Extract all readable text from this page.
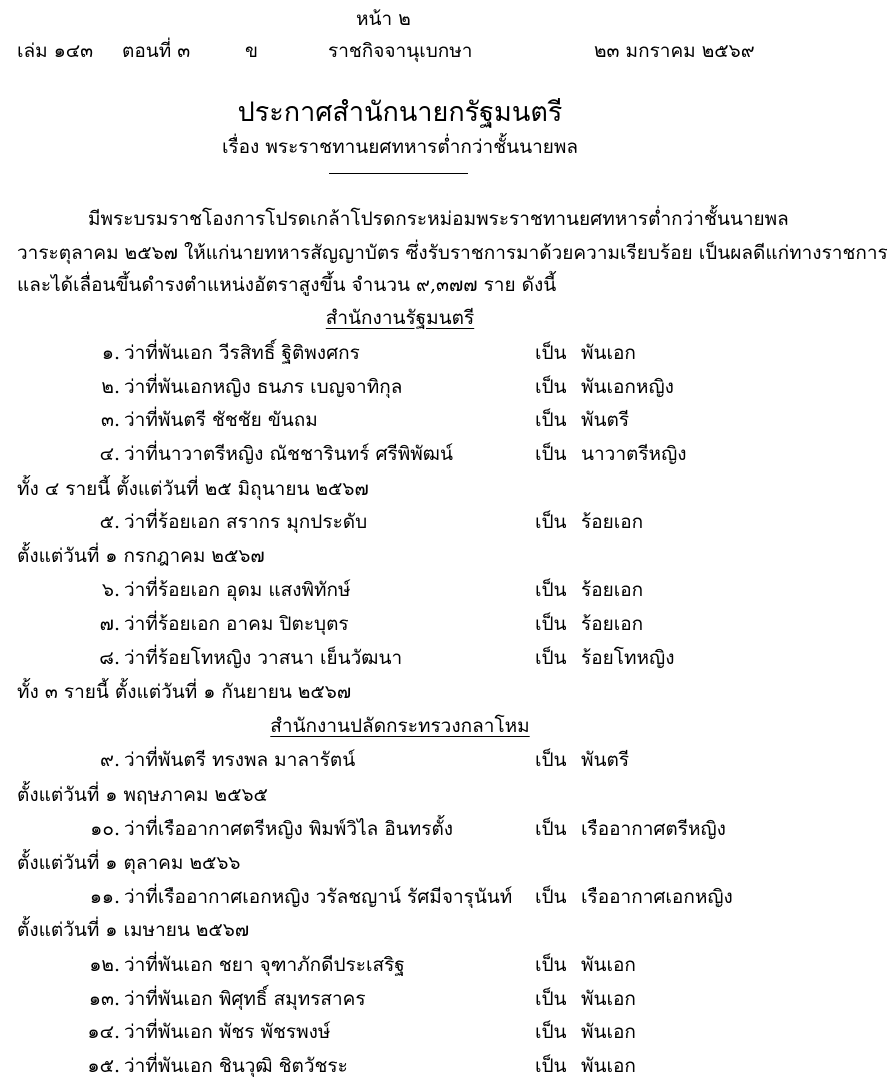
หน้า ๒
เล่ม ๑๔๓ ตอนที่ ๓	ข	ราชกิจจานุเบกษา	๒๓ มกราคม ๒๕๖๙
ประกาศสำนักนายกรัฐมนตรี
เรื่อง พระราชทานยศทหารต่ำกว่าชั้นนายพล
มีพระบรมราชโองการโปรดเกล้าโปรดกระหม่อมพระราชทานยศทหารต่ำกว่าชั้นนายพล
วาระตุลาคม ๒๕๖๗ ให้แก่นายทหารสัญญาบัตร ซึ่งรับราชการมาด้วยความเรียบร้อย เป็นผลดีแก่ทางราชการ
และได้เลื่อนขึ้นดำรงตำแหน่งอัตราสูงขึ้น จำนวน ๙,๓๗๗ ราย ดังนี้
สำนักงานรัฐมนตรี
๑. ว่าที่พันเอก วีรสิทธิ์ ฐิติพงศกร	เป็น พันเอก
๒. ว่าที่พันเอกหญิง ธนภร เบญจาทิกุล	เป็น พันเอกหญิง
๓. ว่าที่พันตรี ชัชชัย ขันถม	เป็น พันตรี
๔. ว่าที่นาวาตรีหญิง ณัชชารินทร์ ศรีพิพัฒน์	เป็น นาวาตรีหญิง
ทั้ง ๔ รายนี้ ตั้งแต่วันที่ ๒๕ มิถุนายน ๒๕๖๗
๕. ว่าที่ร้อยเอก สรากร มุกประดับ	เป็น ร้อยเอก
ตั้งแต่วันที่ ๑ กรกฎาคม ๒๕๖๗
๖. ว่าที่ร้อยเอก อุดม แสงพิทักษ์	เป็น ร้อยเอก
๗. ว่าที่ร้อยเอก อาคม ปิตะบุตร	เป็น ร้อยเอก
๘. ว่าที่ร้อยโทหญิง วาสนา เย็นวัฒนา	เป็น ร้อยโทหญิง
ทั้ง ๓ รายนี้ ตั้งแต่วันที่ ๑ กันยายน ๒๕๖๗
สำนักงานปลัดกระทรวงกลาโหม
๙. ว่าที่พันตรี ทรงพล มาลารัตน์	เป็น พันตรี
ตั้งแต่วันที่ ๑ พฤษภาคม ๒๕๖๕
๑๐. ว่าที่เรืออากาศตรีหญิง พิมพ์วิไล อินทรตั้ง	เป็น เรืออากาศตรีหญิง
ตั้งแต่วันที่ ๑ ตุลาคม ๒๕๖๖
๑๑. ว่าที่เรืออากาศเอกหญิง วรัลชญาน์ รัศมีจารุนันท์ เป็น เรืออากาศเอกหญิง
ตั้งแต่วันที่ ๑ เมษายน ๒๕๖๗
๑๒. ว่าที่พันเอก ชยา จุฑาภักดีประเสริฐ	เป็น พันเอก
๑๓. ว่าที่พันเอก พิศุทธิ์ สมุทรสาคร	เป็น พันเอก
๑๔. ว่าที่พันเอก พัชร พัชรพงษ์	เป็น พันเอก
๑๕. ว่าที่พันเอก ชินวุฒิ ชิตวัชระ	เป็น พันเอก
